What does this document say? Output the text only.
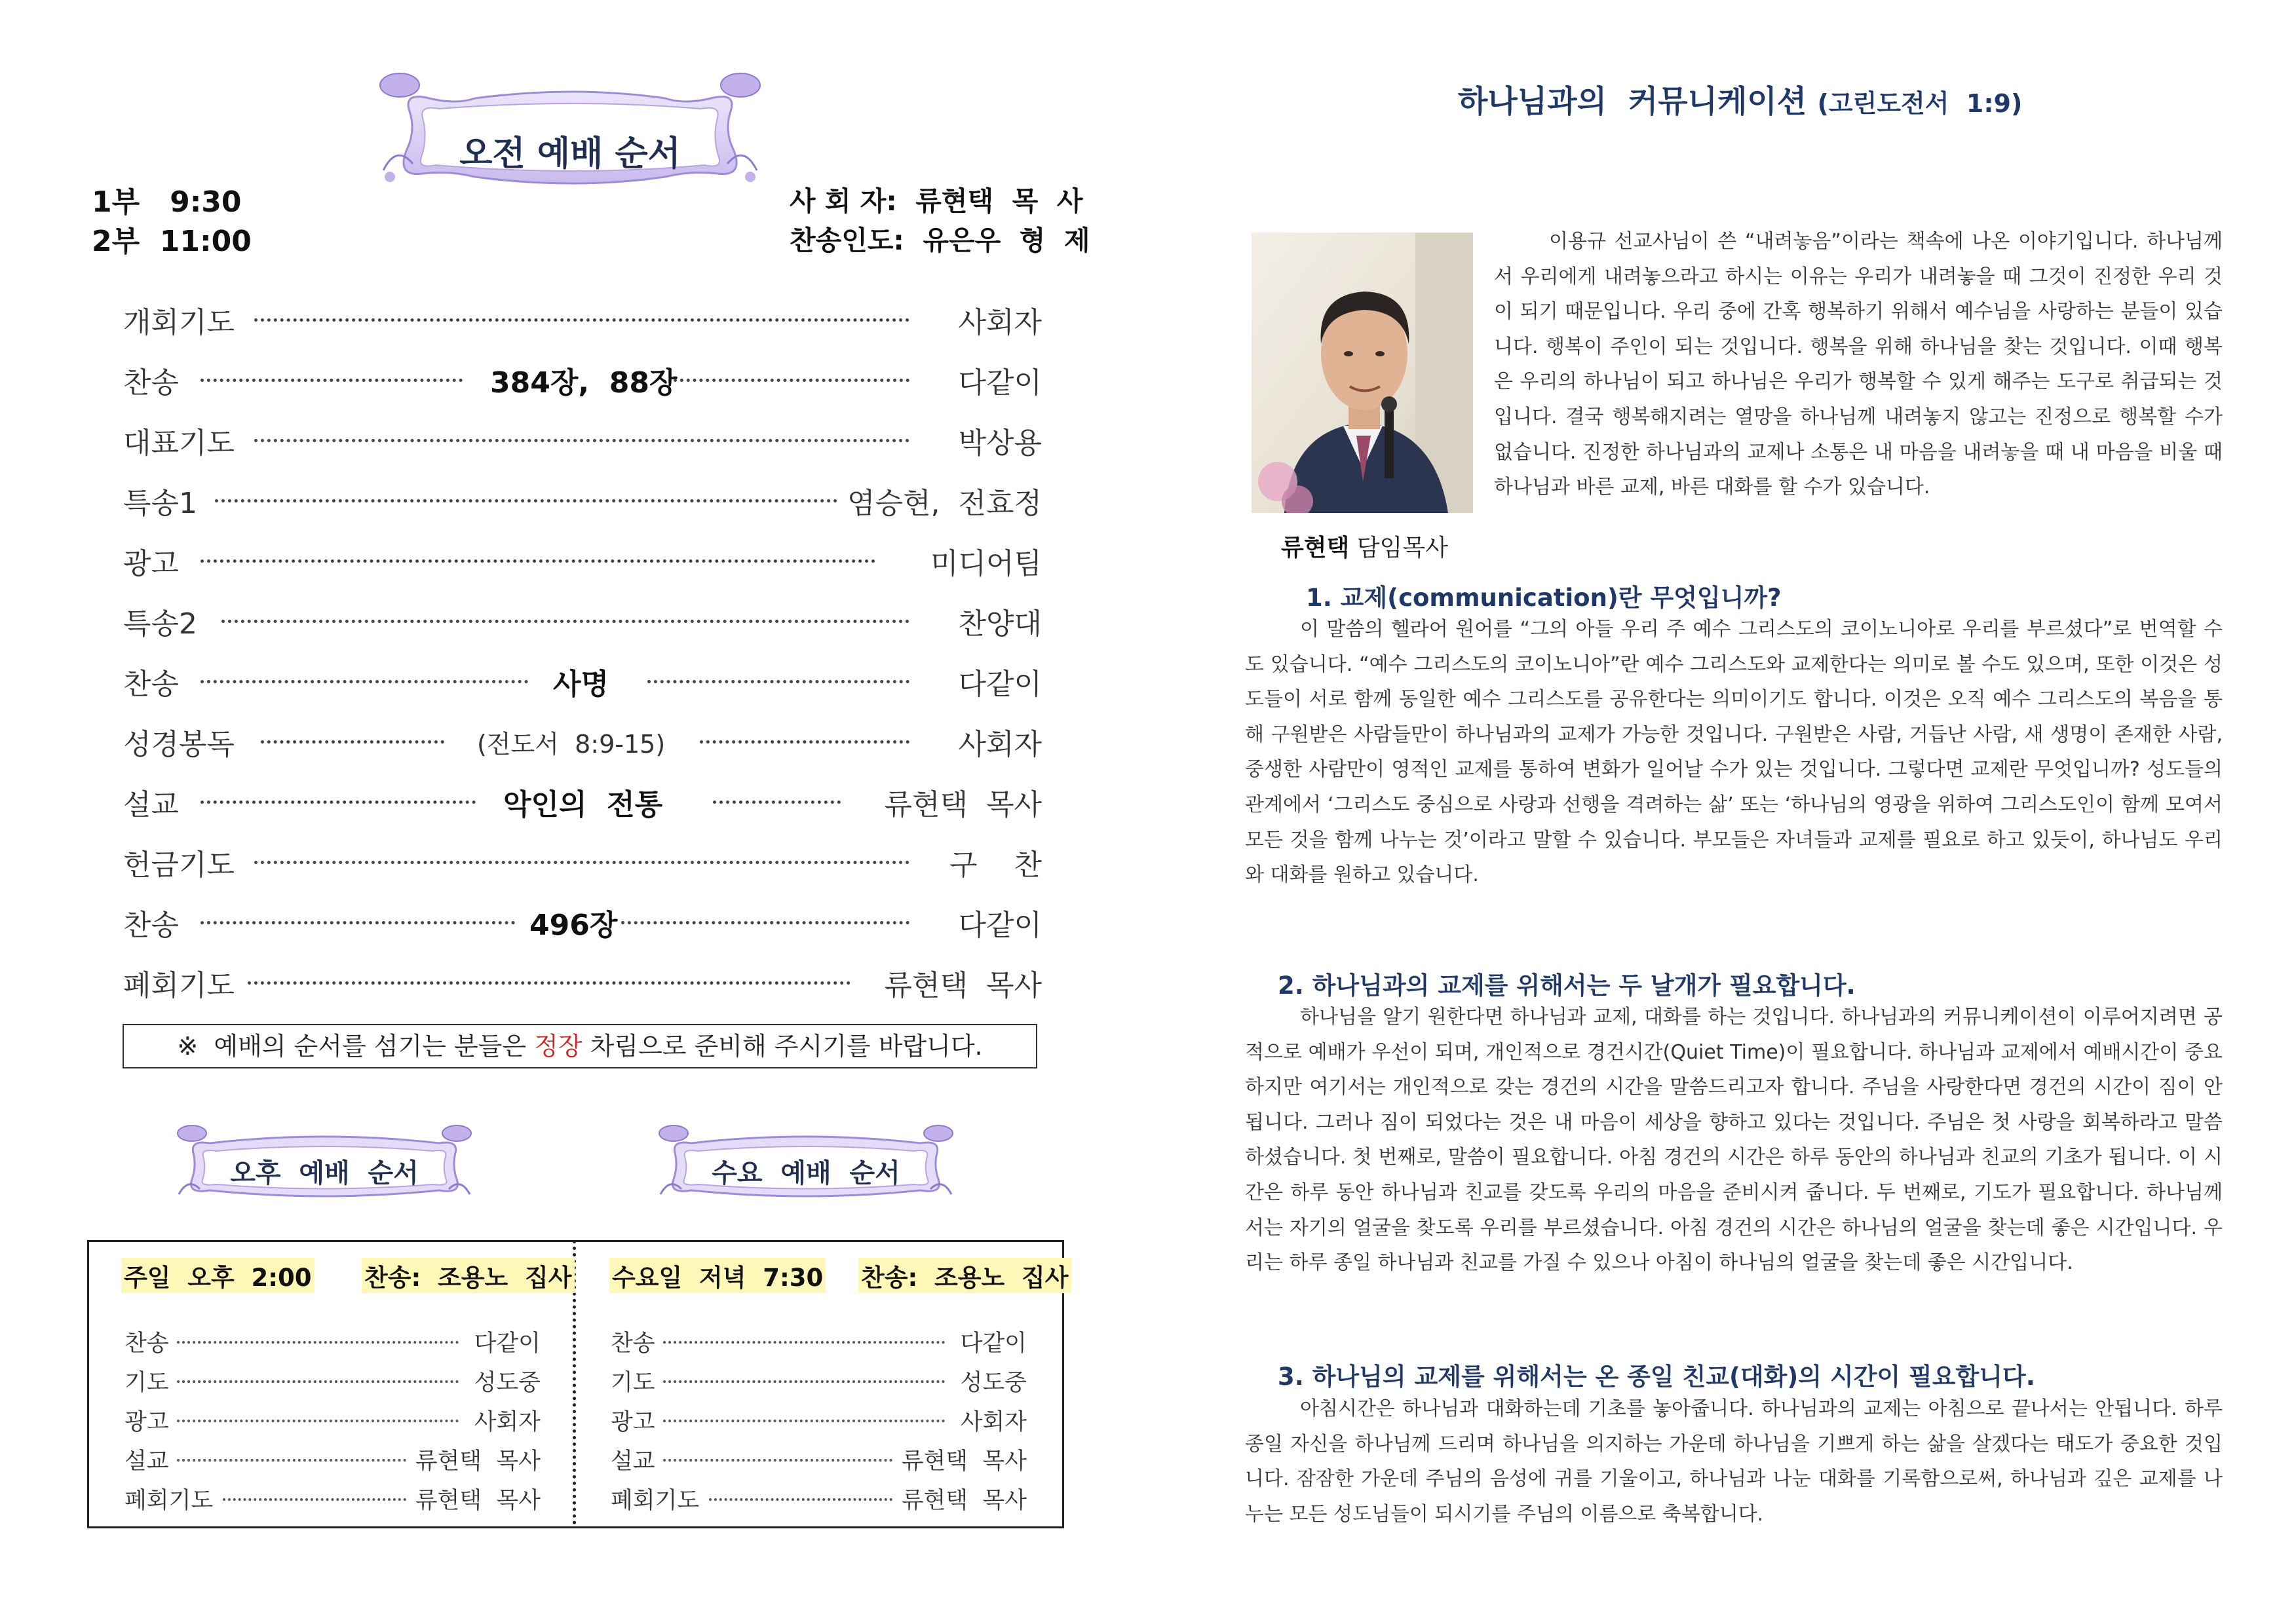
오전 예배 순서
1부   9:30
2부  11:00
사 회 자:  류현택  목  사
찬송인도:  유은우  형  제
개회기도	사회자
찬송	384장,  88장	다같이
대표기도	박상용
특송1	염승현,  전효정
광고	미디어팀
특송2	찬양대
찬송	사명	다같이
성경봉독	(전도서  8:9-15)	사회자
설교	악인의  전통	류현택  목사
헌금기도	구    찬
찬송	496장	다같이
폐회기도	류현택  목사
※  예배의 순서를 섬기는 분들은 정장 차림으로 준비해 주시기를 바랍니다.
오후  예배  순서	수요  예배  순서
주일  오후  2:00 찬송:  조용노  집사 수요일  저녁  7:30 찬송:  조용노  집사
찬송	다같이
기도	성도중
광고	사회자
설교	류현택  목사
폐회기도	류현택  목사
찬송	다같이
기도	성도중
광고	사회자
설교	류현택  목사
폐회기도	류현택  목사
하나님과의  커뮤니케이션 (고린도전서  1:9)
류현택 담임목사
이용규 선교사님이 쓴 “내려놓음”이라는 책속에 나온 이야기입니다. 하나님께서 우리에게 내려놓으라고 하시는 이유는 우리가 내려놓을 때 그것이 진정한 우리 것이 되기 때문입니다. 우리 중에 간혹 행복하기 위해서 예수님을 사랑하는 분들이 있습니다. 행복이 주인이 되는 것입니다. 행복을 위해 하나님을 찾는 것입니다. 이때 행복은 우리의 하나님이 되고 하나님은 우리가 행복할 수 있게 해주는 도구로 취급되는 것입니다. 결국 행복해지려는 열망을 하나님께 내려놓지 않고는 진정으로 행복할 수가 없습니다. 진정한 하나님과의 교제나 소통은 내 마음을 내려놓을 때 내 마음을 비울 때 하나님과 바른 교제, 바른 대화를 할 수가 있습니다.
1. 교제(communication)란 무엇입니까?
이 말씀의 헬라어 원어를 “그의 아들 우리 주 예수 그리스도의 코이노니아로 우리를 부르셨다”로 번역할 수도 있습니다. “예수 그리스도의 코이노니아”란 예수 그리스도와 교제한다는 의미로 볼 수도 있으며, 또한 이것은 성도들이 서로 함께 동일한 예수 그리스도를 공유한다는 의미이기도 합니다. 이것은 오직 예수 그리스도의 복음을 통해 구원받은 사람들만이 하나님과의 교제가 가능한 것입니다. 구원받은 사람, 거듭난 사람, 새 생명이 존재한 사람, 중생한 사람만이 영적인 교제를 통하여 변화가 일어날 수가 있는 것입니다. 그렇다면 교제란 무엇입니까? 성도들의 관계에서 ‘그리스도 중심으로 사랑과 선행을 격려하는 삶’ 또는 ‘하나님의 영광을 위하여 그리스도인이 함께 모여서 모든 것을 함께 나누는 것’이라고 말할 수 있습니다. 부모들은 자녀들과 교제를 필요로 하고 있듯이, 하나님도 우리와 대화를 원하고 있습니다.
2. 하나님과의 교제를 위해서는 두 날개가 필요합니다.
하나님을 알기 원한다면 하나님과 교제, 대화를 하는 것입니다. 하나님과의 커뮤니케이션이 이루어지려면 공적으로 예배가 우선이 되며, 개인적으로 경건시간(Quiet Time)이 필요합니다. 하나님과 교제에서 예배시간이 중요하지만 여기서는 개인적으로 갖는 경건의 시간을 말씀드리고자 합니다. 주님을 사랑한다면 경건의 시간이 짐이 안 됩니다. 그러나 짐이 되었다는 것은 내 마음이 세상을 향하고 있다는 것입니다. 주님은 첫 사랑을 회복하라고 말씀하셨습니다. 첫 번째로, 말씀이 필요합니다. 아침 경건의 시간은 하루 동안의 하나님과 친교의 기초가 됩니다. 이 시간은 하루 동안 하나님과 친교를 갖도록 우리의 마음을 준비시켜 줍니다. 두 번째로, 기도가 필요합니다. 하나님께서는 자기의 얼굴을 찾도록 우리를 부르셨습니다. 아침 경건의 시간은 하나님의 얼굴을 찾는데 좋은 시간입니다. 우리는 하루 종일 하나님과 친교를 가질 수 있으나 아침이 하나님의 얼굴을 찾는데 좋은 시간입니다.
3. 하나님의 교제를 위해서는 온 종일 친교(대화)의 시간이 필요합니다.
아침시간은 하나님과 대화하는데 기초를 놓아줍니다. 하나님과의 교제는 아침으로 끝나서는 안됩니다. 하루 종일 자신을 하나님께 드리며 하나님을 의지하는 가운데 하나님을 기쁘게 하는 삶을 살겠다는 태도가 중요한 것입니다. 잠잠한 가운데 주님의 음성에 귀를 기울이고, 하나님과 나눈 대화를 기록함으로써, 하나님과 깊은 교제를 나누는 모든 성도님들이 되시기를 주님의 이름으로 축복합니다.
